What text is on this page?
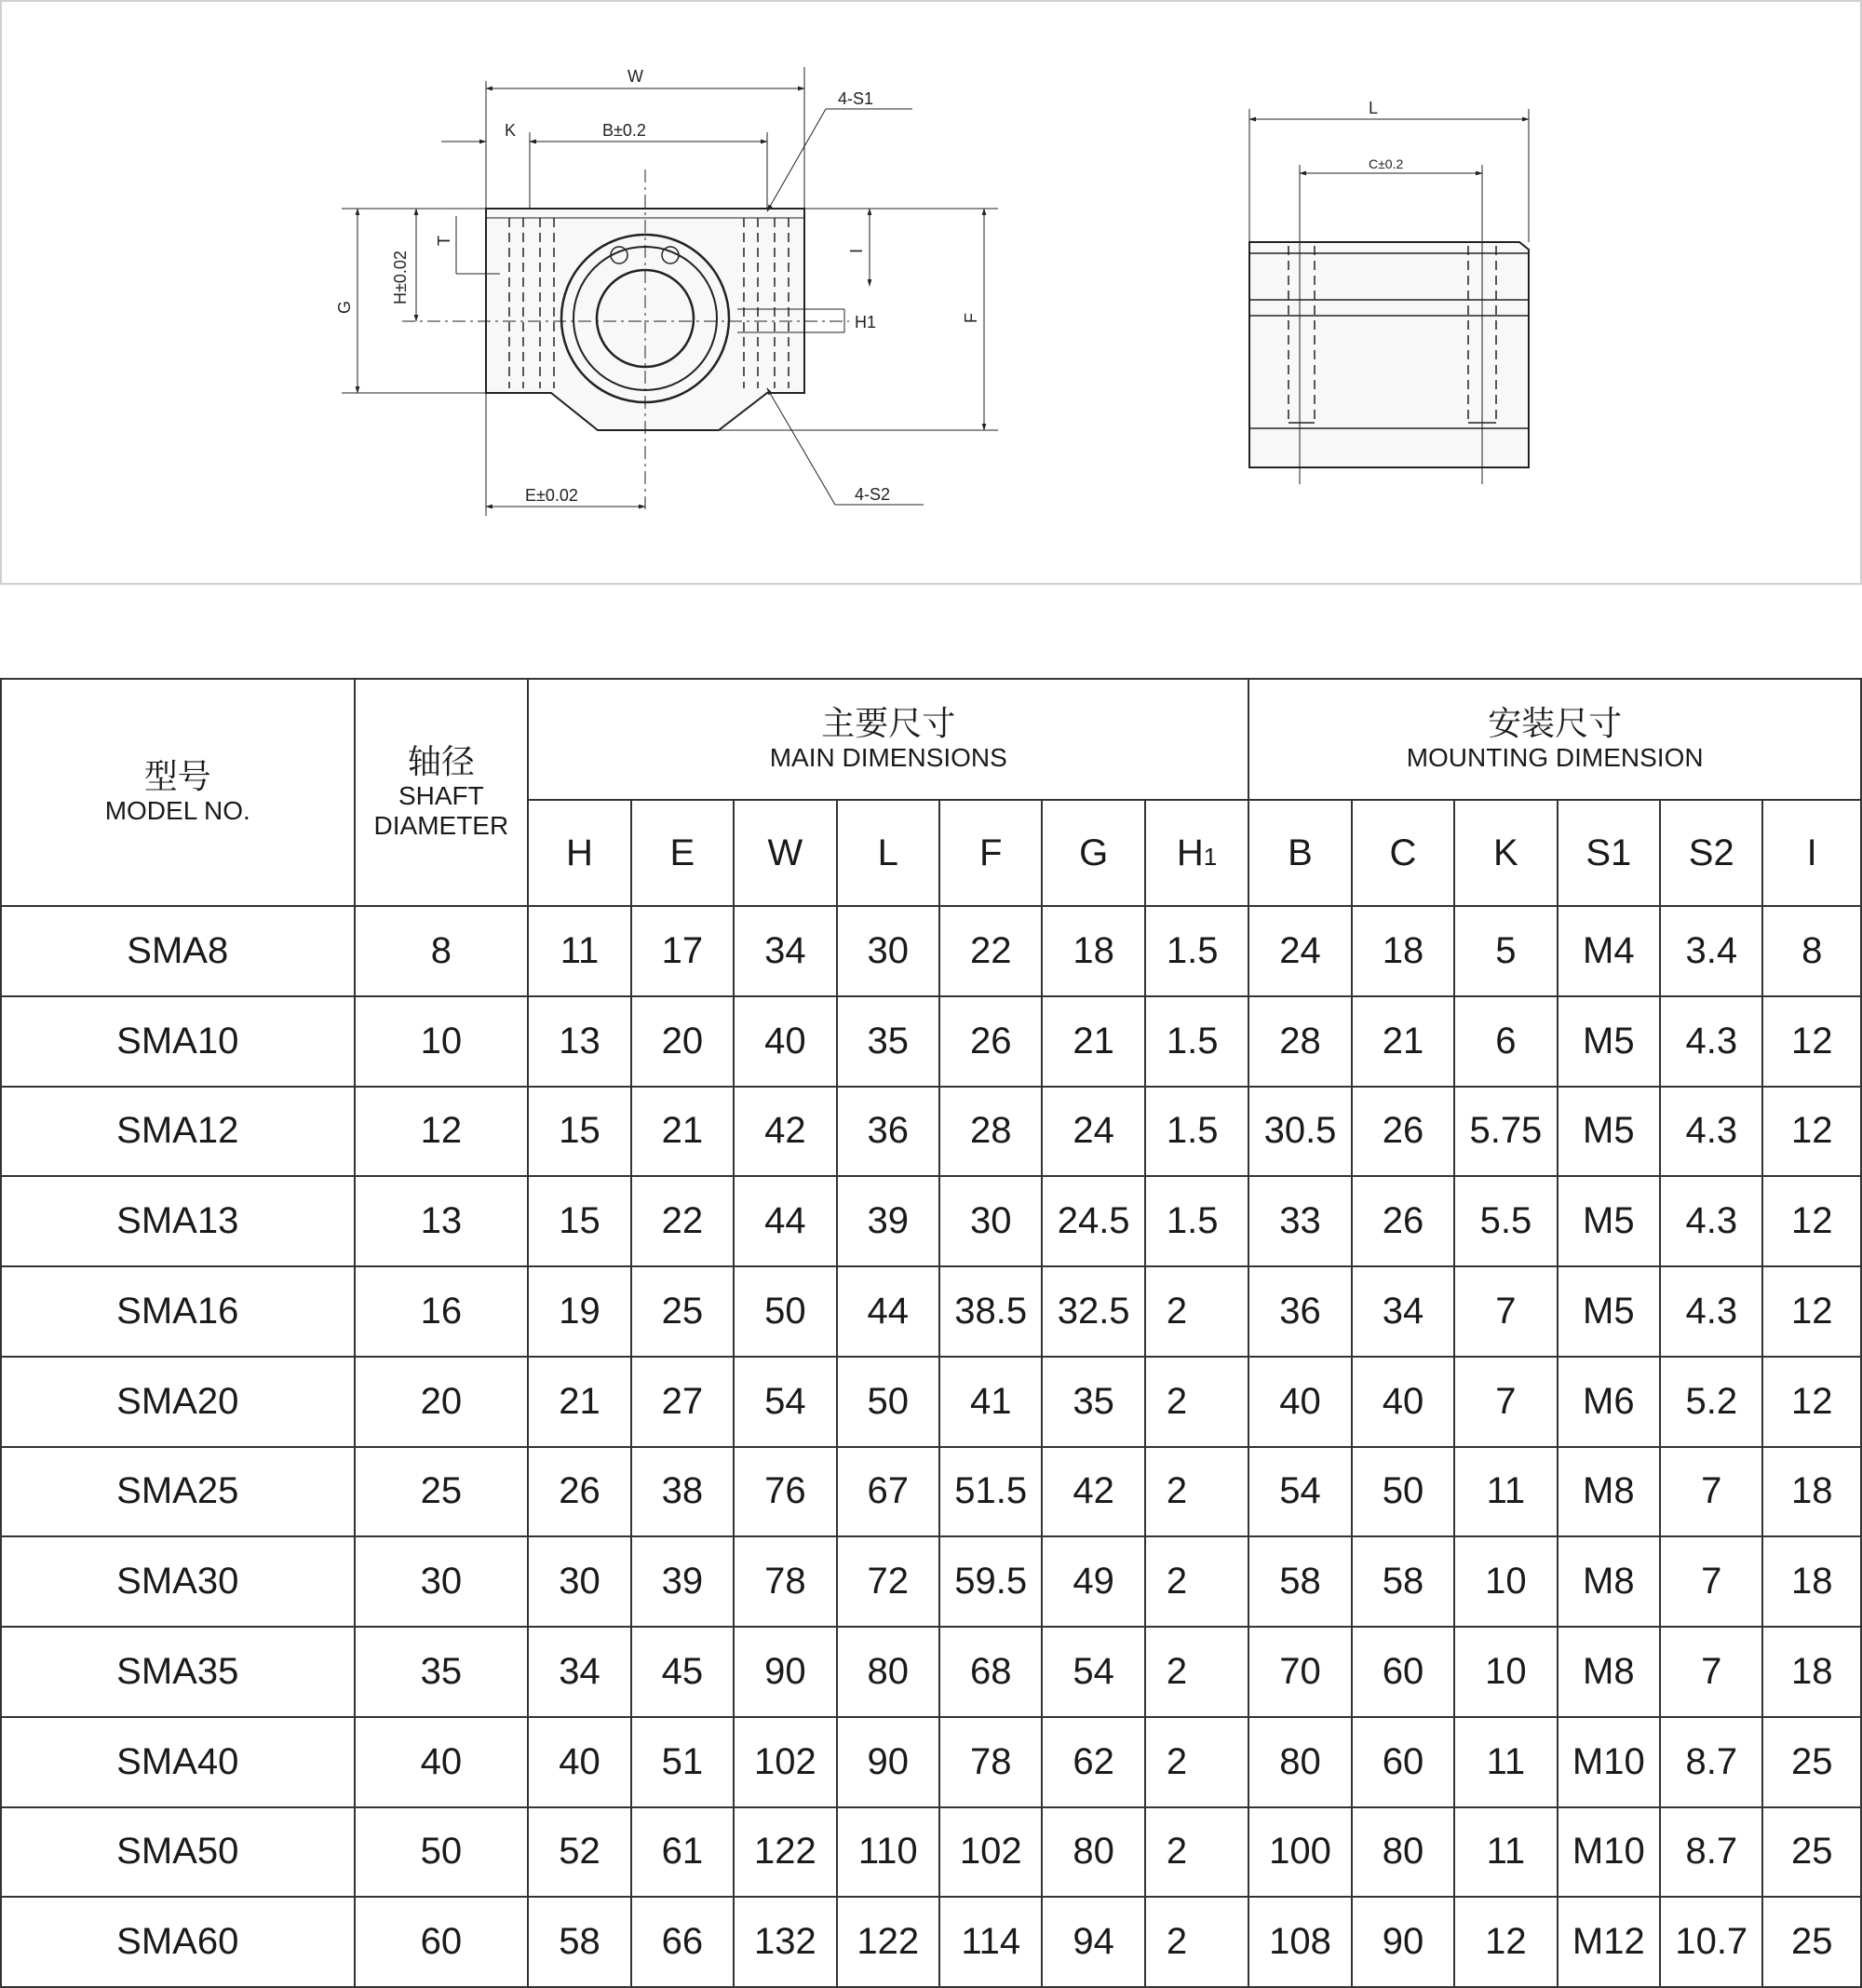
W
K	B±0.2
4-S1
T
H±0.02
G
I
H1	F
E±0.02	4-S2
L
C±0.2
型号
MODEL NO.	轴径
SHAFT
DIAMETER	主要尺寸
MAIN DIMENSIONS							安装尺寸
MOUNTING DIMENSION					

		H	E	W	L	F	G	H1	B	C	K	S1	S2	I
SMA8	8	11	17	34	30	22	18	1.5	24	18	5	M4	3.4	8
SMA10	10	13	20	40	35	26	21	1.5	28	21	6	M5	4.3	12
SMA12	12	15	21	42	36	28	24	1.5	30.5	26	5.75	M5	4.3	12
SMA13	13	15	22	44	39	30	24.5	1.5	33	26	5.5	M5	4.3	12
SMA16	16	19	25	50	44	38.5	32.5	2	36	34	7	M5	4.3	12
SMA20	20	21	27	54	50	41	35	2	40	40	7	M6	5.2	12
SMA25	25	26	38	76	67	51.5	42	2	54	50	11	M8	7	18
SMA30	30	30	39	78	72	59.5	49	2	58	58	10	M8	7	18
SMA35	35	34	45	90	80	68	54	2	70	60	10	M8	7	18
SMA40	40	40	51	102	90	78	62	2	80	60	11	M10	8.7	25
SMA50	50	52	61	122	110	102	80	2	100	80	11	M10	8.7	25
SMA60	60	58	66	132	122	114	94	2	108	90	12	M12	10.7	25
